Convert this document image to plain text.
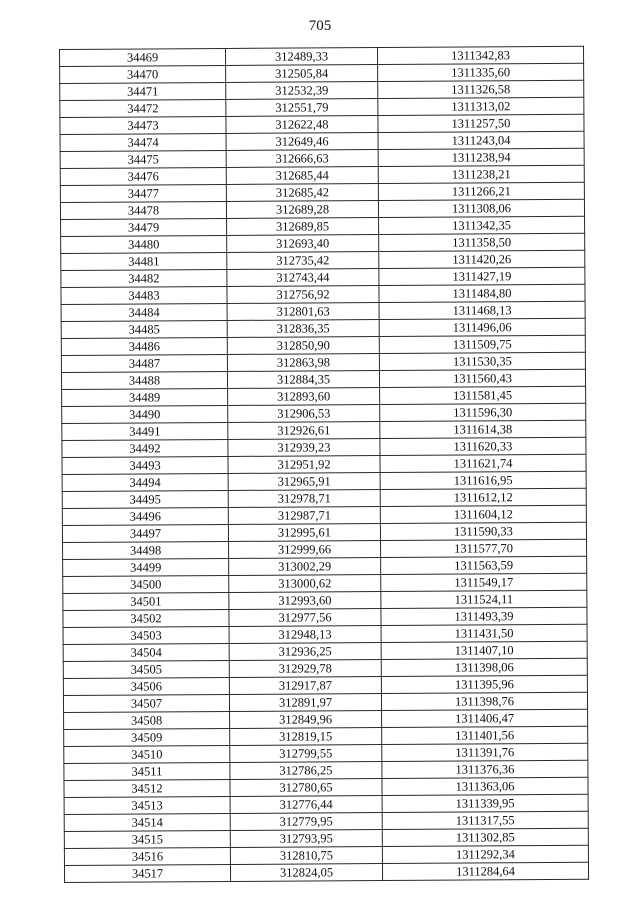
705
34469	312489,33	1311342,83
34470	312505,84	1311335,60
34471	312532,39	1311326,58
34472	312551,79	1311313,02
34473	312622,48	1311257,50
34474	312649,46	1311243,04
34475	312666,63	1311238,94
34476	312685,44	1311238,21
34477	312685,42	1311266,21
34478	312689,28	1311308,06
34479	312689,85	1311342,35
34480	312693,40	1311358,50
34481	312735,42	1311420,26
34482	312743,44	1311427,19
34483	312756,92	1311484,80
34484	312801,63	1311468,13
34485	312836,35	1311496,06
34486	312850,90	1311509,75
34487	312863,98	1311530,35
34488	312884,35	1311560,43
34489	312893,60	1311581,45
34490	312906,53	1311596,30
34491	312926,61	1311614,38
34492	312939,23	1311620,33
34493	312951,92	1311621,74
34494	312965,91	1311616,95
34495	312978,71	1311612,12
34496	312987,71	1311604,12
34497	312995,61	1311590,33
34498	312999,66	1311577,70
34499	313002,29	1311563,59
34500	313000,62	1311549,17
34501	312993,60	1311524,11
34502	312977,56	1311493,39
34503	312948,13	1311431,50
34504	312936,25	1311407,10
34505	312929,78	1311398,06
34506	312917,87	1311395,96
34507	312891,97	1311398,76
34508	312849,96	1311406,47
34509	312819,15	1311401,56
34510	312799,55	1311391,76
34511	312786,25	1311376,36
34512	312780,65	1311363,06
34513	312776,44	1311339,95
34514	312779,95	1311317,55
34515	312793,95	1311302,85
34516	312810,75	1311292,34
34517	312824,05	1311284,64
